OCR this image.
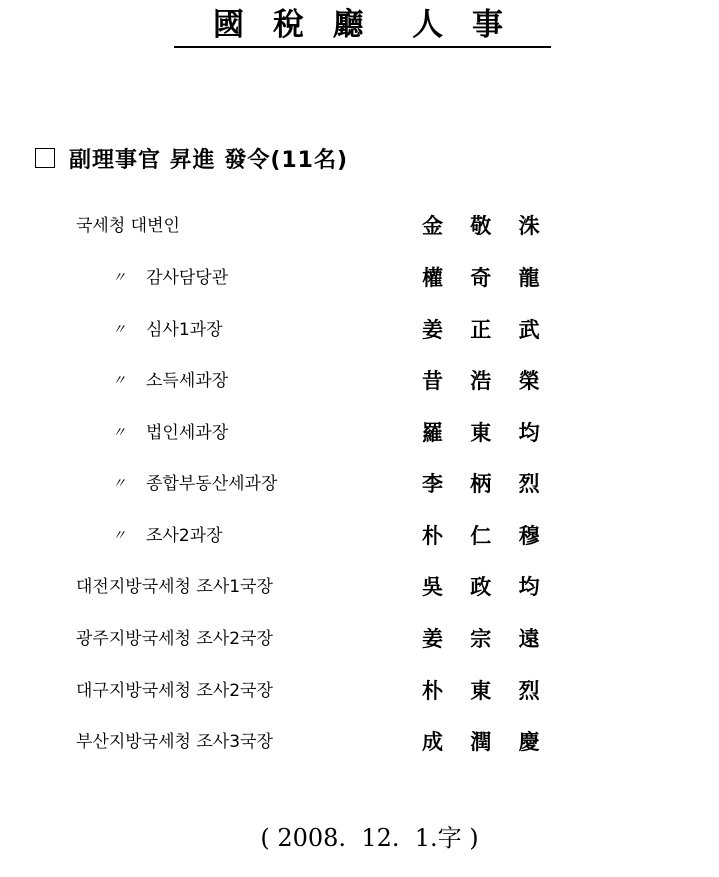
國 稅 廳  人 事
副理事官 昇進 發令(11名)
국세청 대변인	金 敬 洙
〃 감사담당관	權 奇 龍
〃 심사1과장	姜 正 武
〃 소득세과장	昔 浩 榮
〃 법인세과장	羅 東 均
〃 종합부동산세과장	李 柄 烈
〃 조사2과장	朴 仁 穆
대전지방국세청 조사1국장	吳 政 均
광주지방국세청 조사2국장	姜 宗 遠
대구지방국세청 조사2국장	朴 東 烈
부산지방국세청 조사3국장	成 潤 慶
( 2008.  12.  1.字 )
